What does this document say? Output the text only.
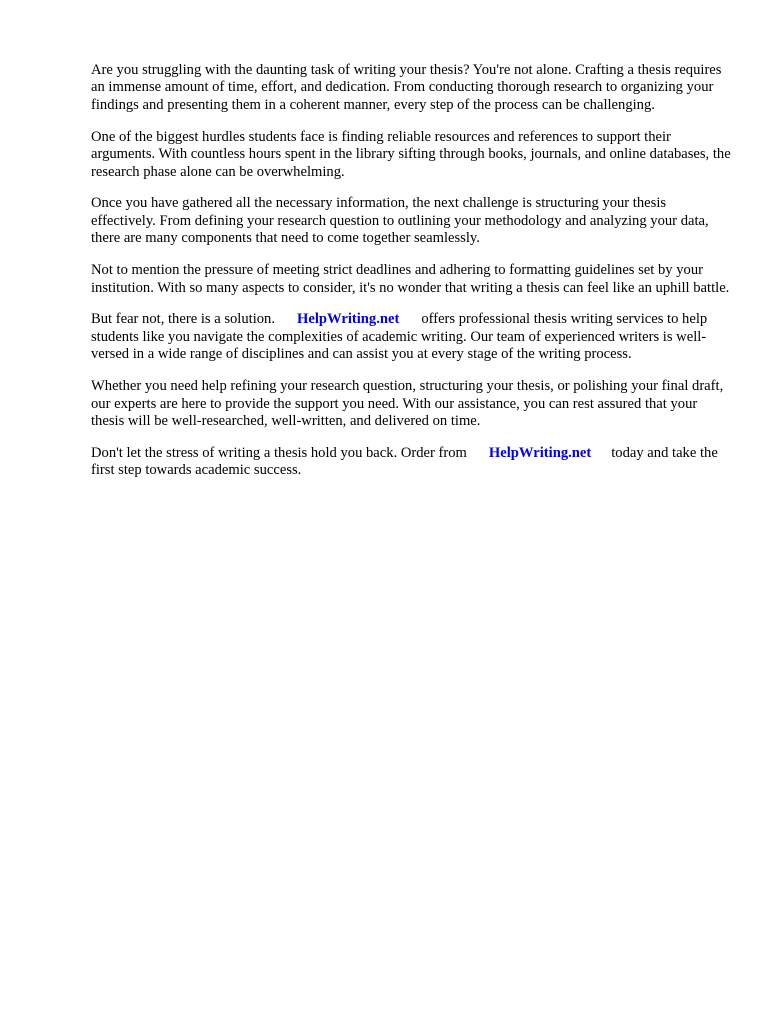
Are you struggling with the daunting task of writing your thesis? You're not alone. Crafting a thesis requires an immense amount of time, effort, and dedication. From conducting thorough research to organizing your findings and presenting them in a coherent manner, every step of the process can be challenging.

One of the biggest hurdles students face is finding reliable resources and references to support their arguments. With countless hours spent in the library sifting through books, journals, and online databases, the research phase alone can be overwhelming.

Once you have gathered all the necessary information, the next challenge is structuring your thesis effectively. From defining your research question to outlining your methodology and analyzing your data, there are many components that need to come together seamlessly.

Not to mention the pressure of meeting strict deadlines and adhering to formatting guidelines set by your institution. With so many aspects to consider, it's no wonder that writing a thesis can feel like an uphill battle.

But fear not, there is a solution. HelpWriting.net offers professional thesis writing services to help students like you navigate the complexities of academic writing. Our team of experienced writers is well-versed in a wide range of disciplines and can assist you at every stage of the writing process.

Whether you need help refining your research question, structuring your thesis, or polishing your final draft, our experts are here to provide the support you need. With our assistance, you can rest assured that your thesis will be well-researched, well-written, and delivered on time.

Don't let the stress of writing a thesis hold you back. Order from HelpWriting.net today and take the first step towards academic success.
